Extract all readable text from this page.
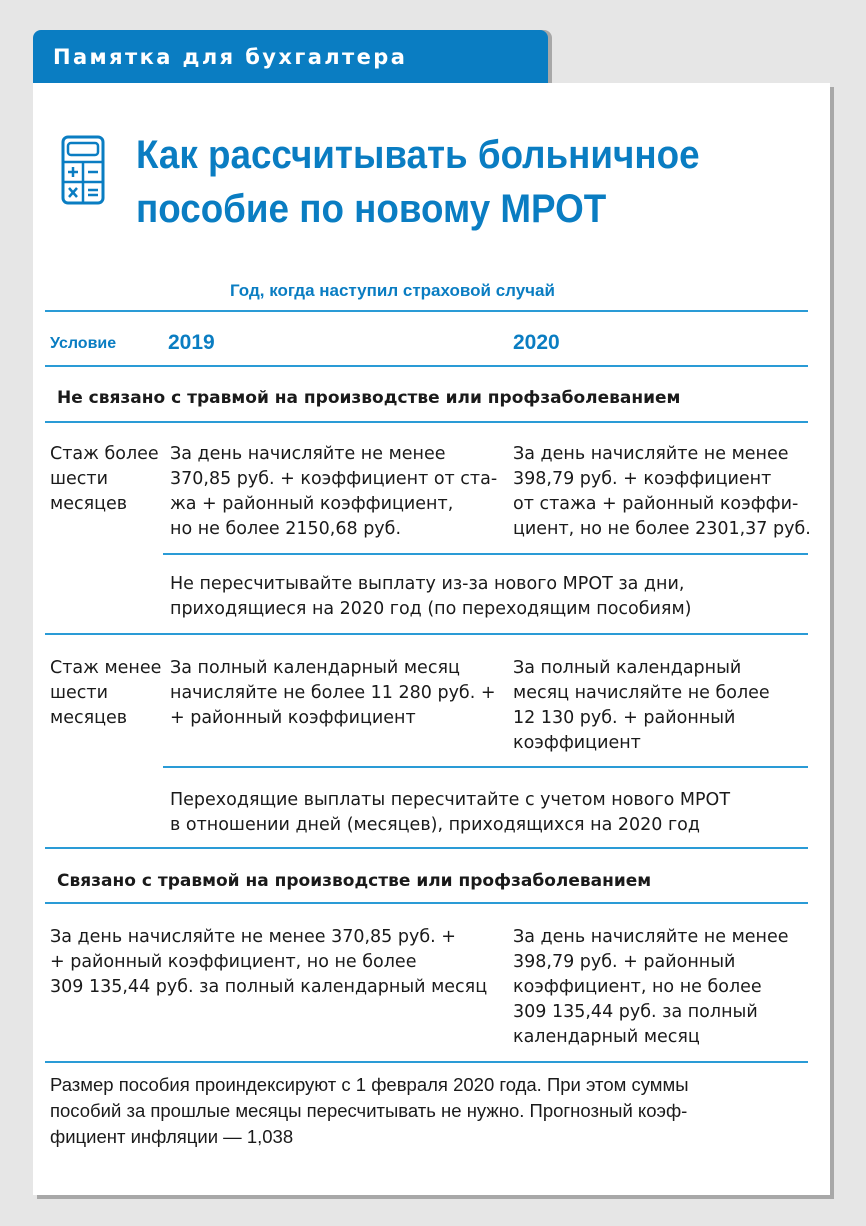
Памятка для бухгалтера
Как рассчитывать больничное
пособие по новому МРОТ
Год, когда наступил страховой случай
Условие 2019	2020
Не связано с травмой на производстве или профзаболеванием
Стаж более
шести
месяцев
За день начисляйте не менее
370,85 руб. + коэффициент от ста-
жа + районный коэффициент,
но не более 2150,68 руб.
За день начисляйте не менее
398,79 руб. + коэффициент
от стажа + районный коэффи-
циент, но не более 2301,37 руб.
Не пересчитывайте выплату из-за нового МРОТ за дни,
приходящиеся на 2020 год (по переходящим пособиям)
Стаж менее
шести
месяцев
За полный календарный месяц
начисляйте не более 11 280 руб. +
+ районный коэффициент
За полный календарный
месяц начисляйте не более
12 130 руб. + районный
коэффициент
Переходящие выплаты пересчитайте с учетом нового МРОТ
в отношении дней (месяцев), приходящихся на 2020 год
Связано с травмой на производстве или профзаболеванием
За день начисляйте не менее 370,85 руб. +
+ районный коэффициент, но не более
309 135,44 руб. за полный календарный месяц
За день начисляйте не менее
398,79 руб. + районный
коэффициент, но не более
309 135,44 руб. за полный
календарный месяц
Размер пособия проиндексируют с 1 февраля 2020 года. При этом суммы
пособий за прошлые месяцы пересчитывать не нужно. Прогнозный коэф-
фициент инфляции — 1,038
